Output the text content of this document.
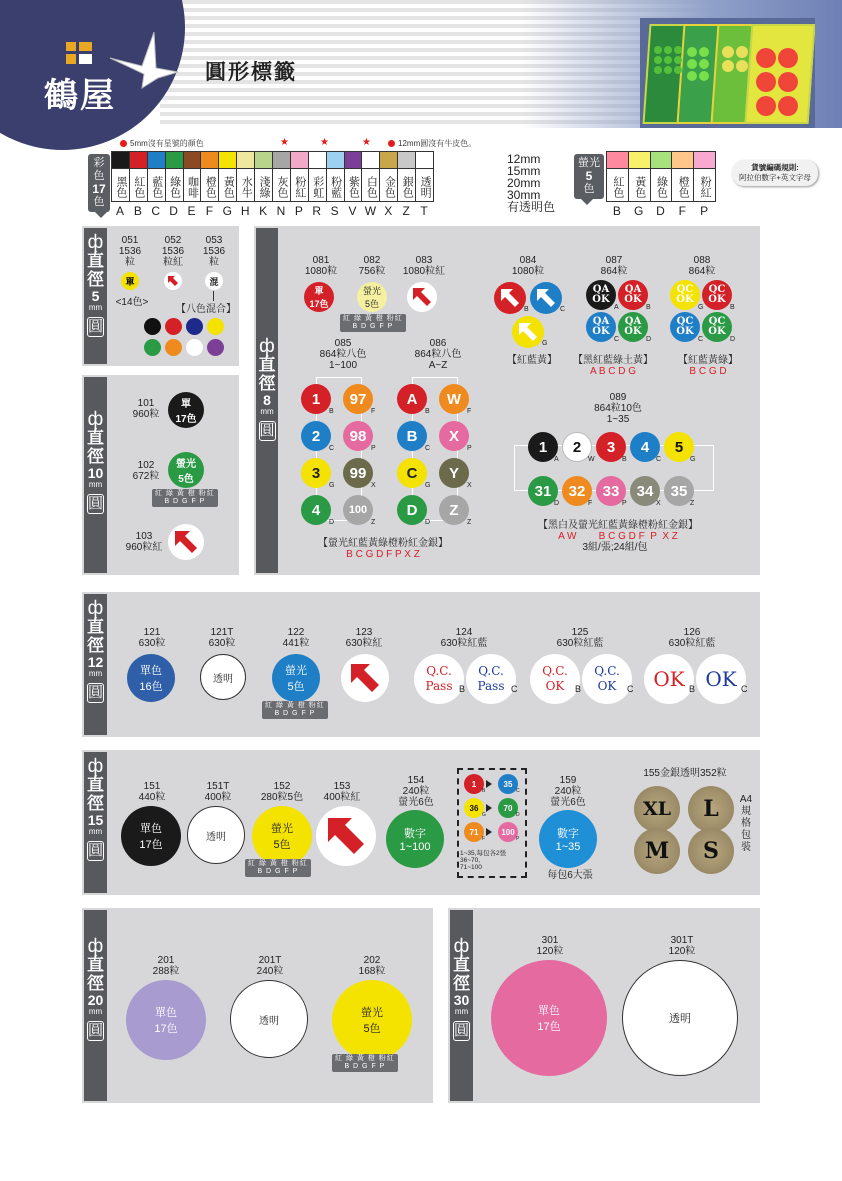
鶴屋
圓形標籤
5mm沒有星號的顏色	★	★	★	12mm圓沒有牛皮色。
彩色
17
色
黑色 紅色 藍色 綠色 咖啡 橙色 黃色 水牛 淺綠 灰色 粉紅 彩虹 粉藍 紫色 白色 金色 銀色 透明
A B C D E F G H K N P R S V W X Z T
12mm
15mm
20mm
30mm
有透明色
螢光
5
色	紅色 黃色 綠色 橙色 粉紅
B	G	D	F	P
貨號編碼規則:
阿拉伯數字+英文字母
ф
直
徑
5
mm
圓
051
1536
粒
052
1536
粒紅
053
1536
粒
單	混
<14色>
【八色混合】
ф
直
徑
10
mm
圓
101
960粒
單
17色
102
672粒
螢光
5色
紅 綠 黃 橙 粉紅
B D G F P
103
960粒紅
ф
直
徑
8
mm
圓
081
1080粒
單
17色
082
756粒
螢光
5色
紅 綠 黃 橙 粉紅
B D G F P
083
1080粒紅
084
1080粒
B	C
G
【紅藍黃】
087
864粒
QA
OK
A
QA
OK
B
QA
OK
C
QA
OK
D
【黑紅藍綠土黃】
A B C D G
088
864粒
QC
OK
G
QC
OK
B
QC
OK
C
QC
OK
D
【紅藍黃綠】
B C G D
085
864粒八色
1~100
086
864粒八色
A~Z
1
B
97
F
2
C
98
P
3
G
99
X
4
D
100
Z
A
B
W
F
B
C
X
P
C
G
Y
X
D
D
Z
Z
【螢光紅藍黃綠橙粉紅金銀】
B C G D F P X Z
089
864粒10色
1~35
1
A
2
W
3
B
4
C
5
G
31
D
32
F
33
P
34
X
35
Z
【黑白及螢光紅藍黃綠橙粉紅金銀】
A W        B C G D F  P  X Z
3組/張;24組/包
ф
直
徑
12
mm
圓
121
630粒
單色
16色
121T
630粒
透明
122
441粒
螢光
5色
紅 綠 黃 橙 粉紅
B D G F P
123
630粒紅
124
630粒紅藍
125
630粒紅藍
126
630粒紅藍
Q.C.
Pass B
Q.C.
Pass C
Q.C.
OK B
Q.C.
OK C OK B OK C
ф
直
徑
15
mm
圓
151
440粒
單色
17色
151T
400粒
透明
152
280粒5色
螢光
5色
紅 綠 黃 橙 粉紅
B D G F P
153
400粒紅
154
240粒
螢光6色
數字
1~100
1
B
35
C
36
G
70
D
71
F
100
P
1~35,每包各2張
36~70,
71~100
159
240粒
螢光6色
數字
1~35
每包6大張
155金銀透明352粒
XL	L
M	S
A4
規
格
包
裝
ф
直
徑
20
mm
圓
201
288粒
單色
17色
201T
240粒
透明
202
168粒
螢光
5色
紅 綠 黃 橙 粉紅
B D G F P
ф
直
徑
30
mm
圓
301
120粒
單色
17色
301T
120粒
透明
